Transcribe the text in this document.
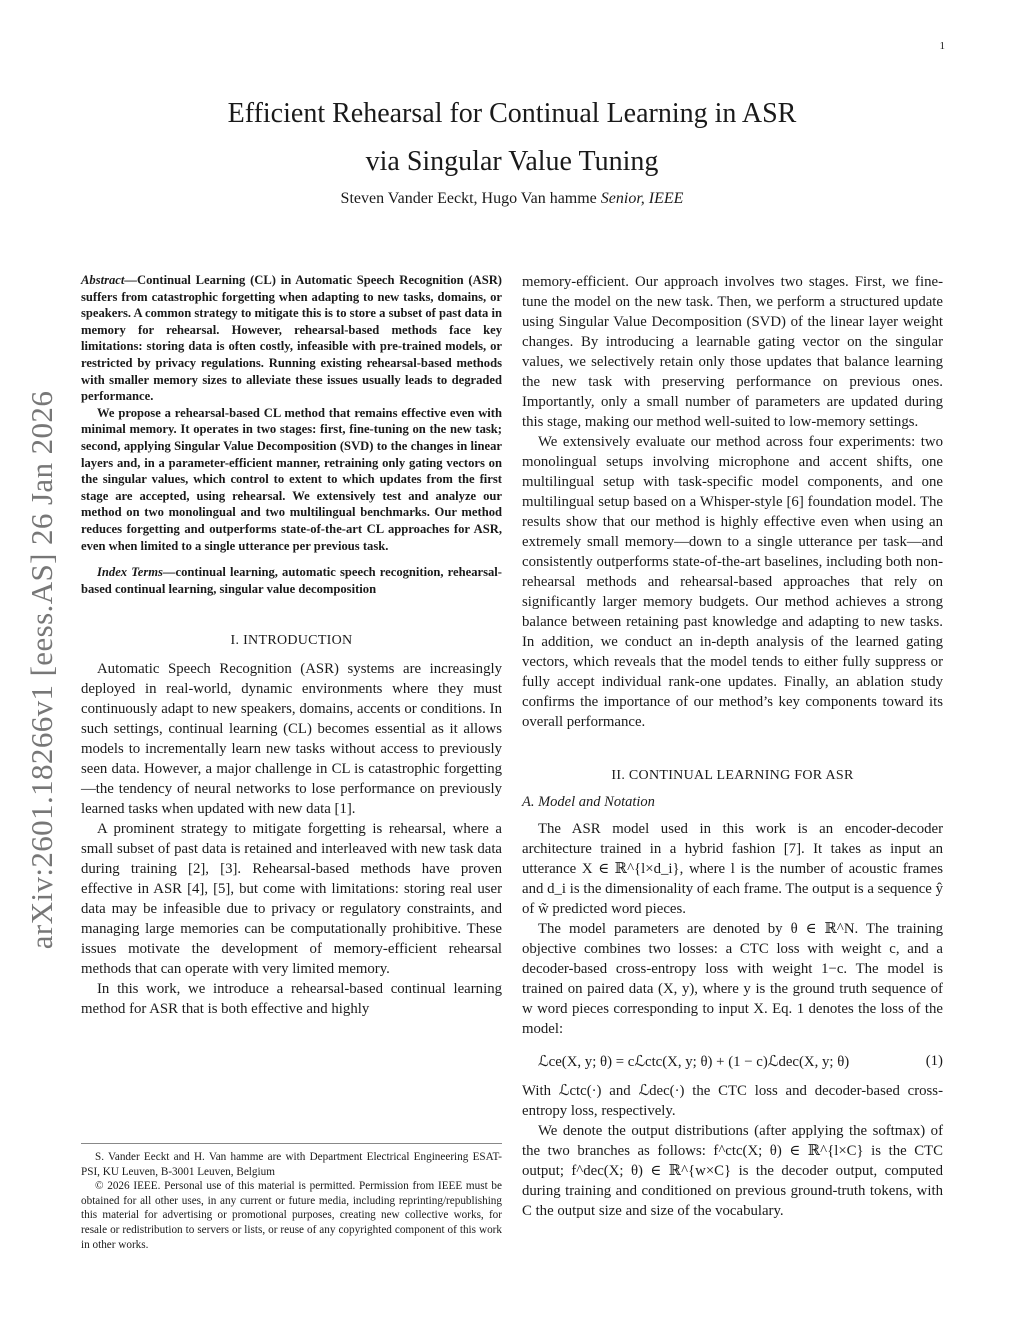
1
Efficient Rehearsal for Continual Learning in ASR
via Singular Value Tuning
Steven Vander Eeckt, Hugo Van hamme Senior, IEEE
arXiv:2601.18266v1 [eess.AS] 26 Jan 2026

Abstract—Continual Learning (CL) in Automatic Speech Recognition (ASR) suffers from catastrophic forgetting when adapting to new tasks, domains, or speakers. A common strategy to mitigate this is to store a subset of past data in memory for rehearsal. However, rehearsal-based methods face key limitations: storing data is often costly, infeasible with pre-trained models, or restricted by privacy regulations. Running existing rehearsal-based methods with smaller memory sizes to alleviate these issues usually leads to degraded performance.

We propose a rehearsal-based CL method that remains effective even with minimal memory. It operates in two stages: first, fine-tuning on the new task; second, applying Singular Value Decomposition (SVD) to the changes in linear layers and, in a parameter-efficient manner, retraining only gating vectors on the singular values, which control to extent to which updates from the first stage are accepted, using rehearsal. We extensively test and analyze our method on two monolingual and two multilingual benchmarks. Our method reduces forgetting and outperforms state-of-the-art CL approaches for ASR, even when limited to a single utterance per previous task.

Index Terms—continual learning, automatic speech recognition, rehearsal-based continual learning, singular value decomposition

I. INTRODUCTION

Automatic Speech Recognition (ASR) systems are increasingly deployed in real-world, dynamic environments where they must continuously adapt to new speakers, domains, accents or conditions. In such settings, continual learning (CL) becomes essential as it allows models to incrementally learn new tasks without access to previously seen data. However, a major challenge in CL is catastrophic forgetting—the tendency of neural networks to lose performance on previously learned tasks when updated with new data [1].

A prominent strategy to mitigate forgetting is rehearsal, where a small subset of past data is retained and interleaved with new task data during training [2], [3]. Rehearsal-based methods have proven effective in ASR [4], [5], but come with limitations: storing real user data may be infeasible due to privacy or regulatory constraints, and managing large memories can be computationally prohibitive. These issues motivate the development of memory-efficient rehearsal methods that can operate with very limited memory.

In this work, we introduce a rehearsal-based continual learning method for ASR that is both effective and highly

S. Vander Eeckt and H. Van hamme are with Department Electrical Engineering ESAT-PSI, KU Leuven, B-3001 Leuven, Belgium

© 2026 IEEE. Personal use of this material is permitted. Permission from IEEE must be obtained for all other uses, in any current or future media, including reprinting/republishing this material for advertising or promotional purposes, creating new collective works, for resale or redistribution to servers or lists, or reuse of any copyrighted component of this work in other works.

memory-efficient. Our approach involves two stages. First, we fine-tune the model on the new task. Then, we perform a structured update using Singular Value Decomposition (SVD) of the linear layer weight changes. By introducing a learnable gating vector on the singular values, we selectively retain only those updates that balance learning the new task with preserving performance on previous ones. Importantly, only a small number of parameters are updated during this stage, making our method well-suited to low-memory settings.

We extensively evaluate our method across four experiments: two monolingual setups involving microphone and accent shifts, one multilingual setup with task-specific model components, and one multilingual setup based on a Whisper-style [6] foundation model. The results show that our method is highly effective even when using an extremely small memory—down to a single utterance per task—and consistently outperforms state-of-the-art baselines, including both non-rehearsal methods and rehearsal-based approaches that rely on significantly larger memory budgets. Our method achieves a strong balance between retaining past knowledge and adapting to new tasks. In addition, we conduct an in-depth analysis of the learned gating vectors, which reveals that the model tends to either fully suppress or fully accept individual rank-one updates. Finally, an ablation study confirms the importance of our method’s key components toward its overall performance.

II. CONTINUAL LEARNING FOR ASR
A. Model and Notation

The ASR model used in this work is an encoder-decoder architecture trained in a hybrid fashion [7]. It takes as input an utterance X ∈ ℝ^{l×d_i}, where l is the number of acoustic frames and d_i is the dimensionality of each frame. The output is a sequence ŷ of w̃ predicted word pieces.

The model parameters are denoted by θ ∈ ℝ^N. The training objective combines two losses: a CTC loss with weight c, and a decoder-based cross-entropy loss with weight 1−c. The model is trained on paired data (X, y), where y is the ground truth sequence of w word pieces corresponding to input X. Eq. 1 denotes the loss of the model:

ℒce(X, y; θ) = cℒctc(X, y; θ) + (1 − c)ℒdec(X, y; θ)	(1)

With ℒctc(·) and ℒdec(·) the CTC loss and decoder-based cross-entropy loss, respectively.

We denote the output distributions (after applying the softmax) of the two branches as follows: f^ctc(X; θ) ∈ ℝ^{l×C} is the CTC output; f^dec(X; θ) ∈ ℝ^{w×C} is the decoder output, computed during training and conditioned on previous ground-truth tokens, with C the output size and size of the vocabulary.
